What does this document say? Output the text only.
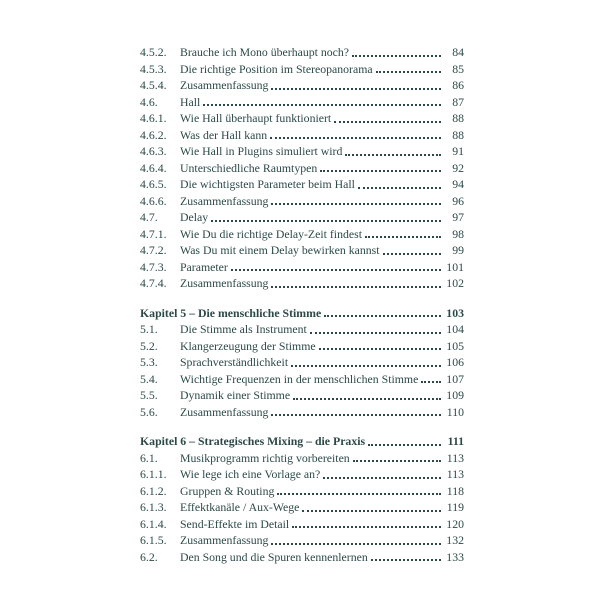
4.5.2.	Brauche ich Mono überhaupt noch?	84
4.5.3.	Die richtige Position im Stereopanorama	85
4.5.4.	Zusammenfassung	86
4.6.	Hall	87
4.6.1.	Wie Hall überhaupt funktioniert	88
4.6.2.	Was der Hall kann	88
4.6.3.	Wie Hall in Plugins simuliert wird	91
4.6.4.	Unterschiedliche Raumtypen	92
4.6.5.	Die wichtigsten Parameter beim Hall	94
4.6.6.	Zusammenfassung	96
4.7.	Delay	97
4.7.1.	Wie Du die richtige Delay-Zeit findest	98
4.7.2.	Was Du mit einem Delay bewirken kannst	99
4.7.3.	Parameter	101
4.7.4.	Zusammenfassung	102
Kapitel 5 – Die menschliche Stimme	103
5.1.	Die Stimme als Instrument	104
5.2.	Klangerzeugung der Stimme	105
5.3.	Sprachverständlichkeit	106
5.4.	Wichtige Frequenzen in der menschlichen Stimme 107
5.5.	Dynamik einer Stimme	109
5.6.	Zusammenfassung	110
Kapitel 6 – Strategisches Mixing – die Praxis	111
6.1.	Musikprogramm richtig vorbereiten	113
6.1.1.	Wie lege ich eine Vorlage an?	113
6.1.2.	Gruppen & Routing	118
6.1.3.	Effektkanäle / Aux-Wege	119
6.1.4.	Send-Effekte im Detail	120
6.1.5.	Zusammenfassung	132
6.2.	Den Song und die Spuren kennenlernen	133
